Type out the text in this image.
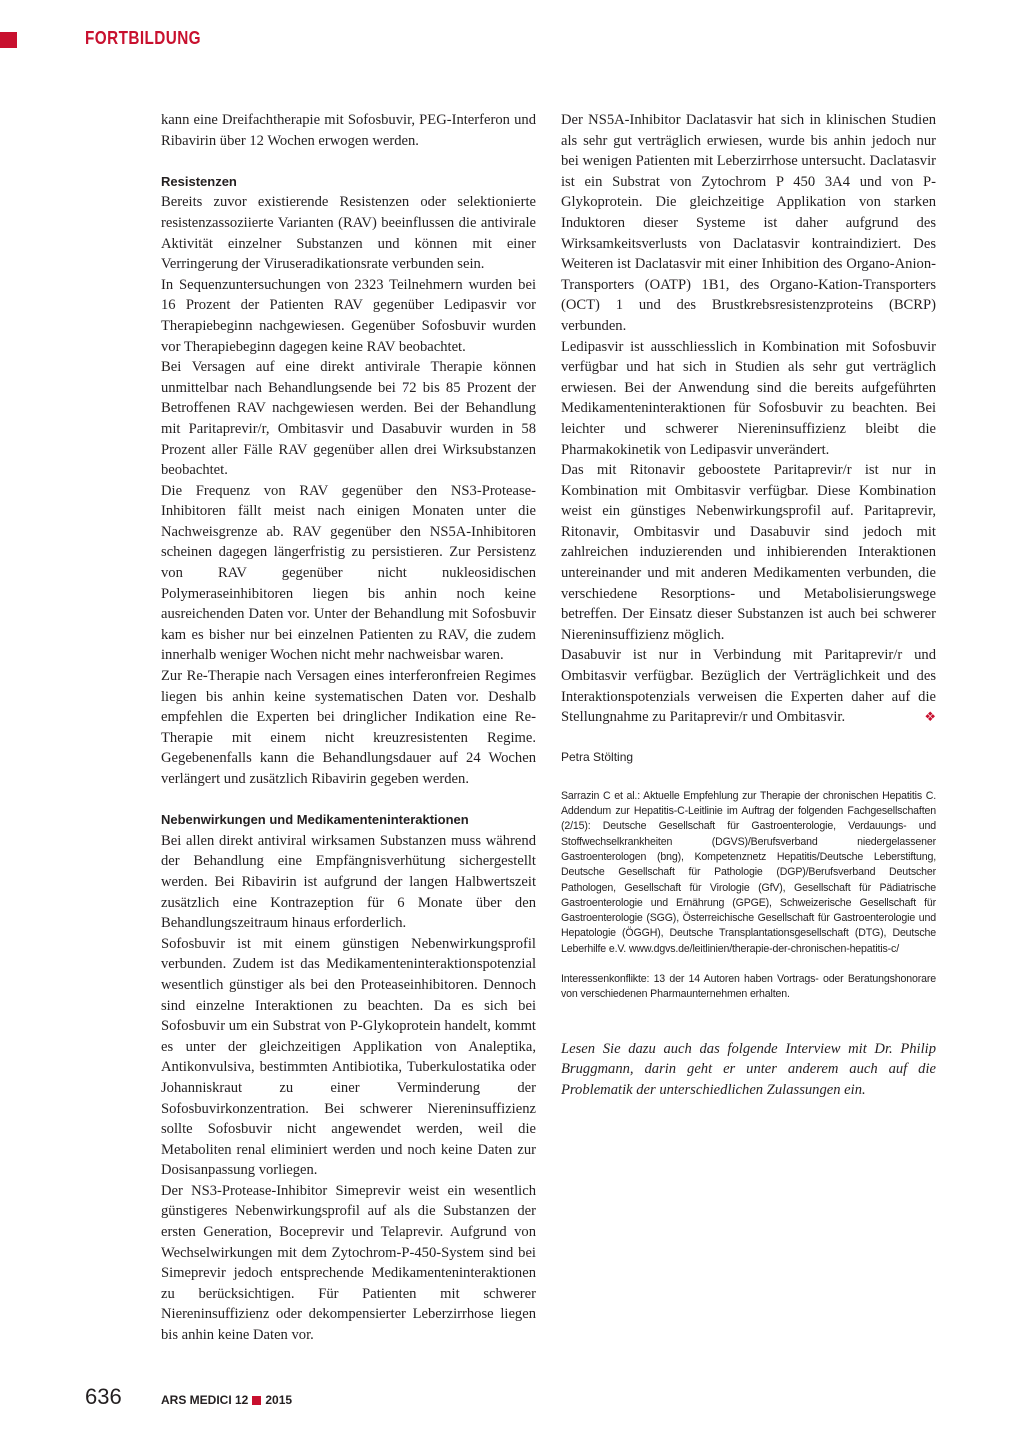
FORTBILDUNG

kann eine Dreifachtherapie mit Sofosbuvir, PEG-Interferon und Ribavirin über 12 Wochen erwogen werden.

Resistenzen

Bereits zuvor existierende Resistenzen oder selektionierte resistenzassoziierte Varianten (RAV) beeinflussen die antivirale Aktivität einzelner Substanzen und können mit einer Verringerung der Viruseradikationsrate verbunden sein.

In Sequenzuntersuchungen von 2323 Teilnehmern wurden bei 16 Prozent der Patienten RAV gegenüber Ledipasvir vor Therapiebeginn nachgewiesen. Gegenüber Sofosbuvir wurden vor Therapiebeginn dagegen keine RAV beobachtet.

Bei Versagen auf eine direkt antivirale Therapie können unmittelbar nach Behandlungsende bei 72 bis 85 Prozent der Betroffenen RAV nachgewiesen werden. Bei der Behandlung mit Paritaprevir/r, Ombitasvir und Dasabuvir wurden in 58 Prozent aller Fälle RAV gegenüber allen drei Wirksubstanzen beobachtet.

Die Frequenz von RAV gegenüber den NS3-Protease-Inhibitoren fällt meist nach einigen Monaten unter die Nachweisgrenze ab. RAV gegenüber den NS5A-Inhibitoren scheinen dagegen längerfristig zu persistieren. Zur Persistenz von RAV gegenüber nicht nukleosidischen Polymeraseinhibitoren liegen bis anhin noch keine ausreichenden Daten vor. Unter der Behandlung mit Sofosbuvir kam es bisher nur bei einzelnen Patienten zu RAV, die zudem innerhalb weniger Wochen nicht mehr nachweisbar waren.

Zur Re-Therapie nach Versagen eines interferonfreien Regimes liegen bis anhin keine systematischen Daten vor. Deshalb empfehlen die Experten bei dringlicher Indikation eine Re-Therapie mit einem nicht kreuzresistenten Regime. Gegebenenfalls kann die Behandlungsdauer auf 24 Wochen verlängert und zusätzlich Ribavirin gegeben werden.

Nebenwirkungen und Medikamenteninteraktionen

Bei allen direkt antiviral wirksamen Substanzen muss während der Behandlung eine Empfängnisverhütung sichergestellt werden. Bei Ribavirin ist aufgrund der langen Halbwertszeit zusätzlich eine Kontrazeption für 6 Monate über den Behandlungszeitraum hinaus erforderlich.

Sofosbuvir ist mit einem günstigen Nebenwirkungsprofil verbunden. Zudem ist das Medikamenteninteraktionspotenzial wesentlich günstiger als bei den Proteaseinhibitoren. Dennoch sind einzelne Interaktionen zu beachten. Da es sich bei Sofosbuvir um ein Substrat von P-Glykoprotein handelt, kommt es unter der gleichzeitigen Applikation von Analeptika, Antikonvulsiva, bestimmten Antibiotika, Tuberkulostatika oder Johanniskraut zu einer Verminderung der Sofosbuvirkonzentration. Bei schwerer Niereninsuffizienz sollte Sofosbuvir nicht angewendet werden, weil die Metaboliten renal eliminiert werden und noch keine Daten zur Dosisanpassung vorliegen.

Der NS3-Protease-Inhibitor Simeprevir weist ein wesentlich günstigeres Nebenwirkungsprofil auf als die Substanzen der ersten Generation, Boceprevir und Telaprevir. Aufgrund von Wechselwirkungen mit dem Zytochrom-P-450-System sind bei Simeprevir jedoch entsprechende Medikamenteninteraktionen zu berücksichtigen. Für Patienten mit schwerer Niereninsuffizienz oder dekompensierter Leberzirrhose liegen bis anhin keine Daten vor.

Der NS5A-Inhibitor Daclatasvir hat sich in klinischen Studien als sehr gut verträglich erwiesen, wurde bis anhin jedoch nur bei wenigen Patienten mit Leberzirrhose untersucht. Daclatasvir ist ein Substrat von Zytochrom P 450 3A4 und von P-Glykoprotein. Die gleichzeitige Applikation von starken Induktoren dieser Systeme ist daher aufgrund des Wirksamkeitsverlusts von Daclatasvir kontraindiziert. Des Weiteren ist Daclatasvir mit einer Inhibition des Organo-Anion-Transporters (OATP) 1B1, des Organo-Kation-Transporters (OCT) 1 und des Brustkrebsresistenzproteins (BCRP) verbunden.

Ledipasvir ist ausschliesslich in Kombination mit Sofosbuvir verfügbar und hat sich in Studien als sehr gut verträglich erwiesen. Bei der Anwendung sind die bereits aufgeführten Medikamenteninteraktionen für Sofosbuvir zu beachten. Bei leichter und schwerer Niereninsuffizienz bleibt die Pharmakokinetik von Ledipasvir unverändert.

Das mit Ritonavir geboostete Paritaprevir/r ist nur in Kombination mit Ombitasvir verfügbar. Diese Kombination weist ein günstiges Nebenwirkungsprofil auf. Paritaprevir, Ritonavir, Ombitasvir und Dasabuvir sind jedoch mit zahlreichen induzierenden und inhibierenden Interaktionen untereinander und mit anderen Medikamenten verbunden, die verschiedene Resorptions- und Metabolisierungswege betreffen. Der Einsatz dieser Substanzen ist auch bei schwerer Niereninsuffizienz möglich.

Dasabuvir ist nur in Verbindung mit Paritaprevir/r und Ombitasvir verfügbar. Bezüglich der Verträglichkeit und des Interaktionspotenzials verweisen die Experten daher auf die Stellungnahme zu Paritaprevir/r und Ombitasvir.	❖

Petra Stölting
Sarrazin C et al.: Aktuelle Empfehlung zur Therapie der chronischen Hepatitis C. Addendum zur Hepatitis-C-Leitlinie im Auftrag der folgenden Fachgesellschaften (2/15): Deutsche Gesellschaft für Gastroenterologie, Verdauungs- und Stoffwechselkrankheiten (DGVS)/Berufsverband niedergelassener Gastroenterologen (bng), Kompetenznetz Hepatitis/Deutsche Leberstiftung, Deutsche Gesellschaft für Pathologie (DGP)/Berufsverband Deutscher Pathologen, Gesellschaft für Virologie (GfV), Gesellschaft für Pädiatrische Gastroenterologie und Ernährung (GPGE), Schweizerische Gesellschaft für Gastroenterologie (SGG), Österreichische Gesellschaft für Gastroenterologie und Hepatologie (ÖGGH), Deutsche Transplantationsgesellschaft (DTG), Deutsche Leberhilfe e.V. www.dgvs.de/leitlinien/therapie-der-chronischen-hepatitis-c/
Interessenkonflikte: 13 der 14 Autoren haben Vortrags- oder Beratungshonorare von verschiedenen Pharmaunternehmen erhalten.
Lesen Sie dazu auch das folgende Interview mit Dr. Philip Bruggmann, darin geht er unter anderem auch auf die Problematik der unterschiedlichen Zulassungen ein.
636	ARS MEDICI 12 2015
